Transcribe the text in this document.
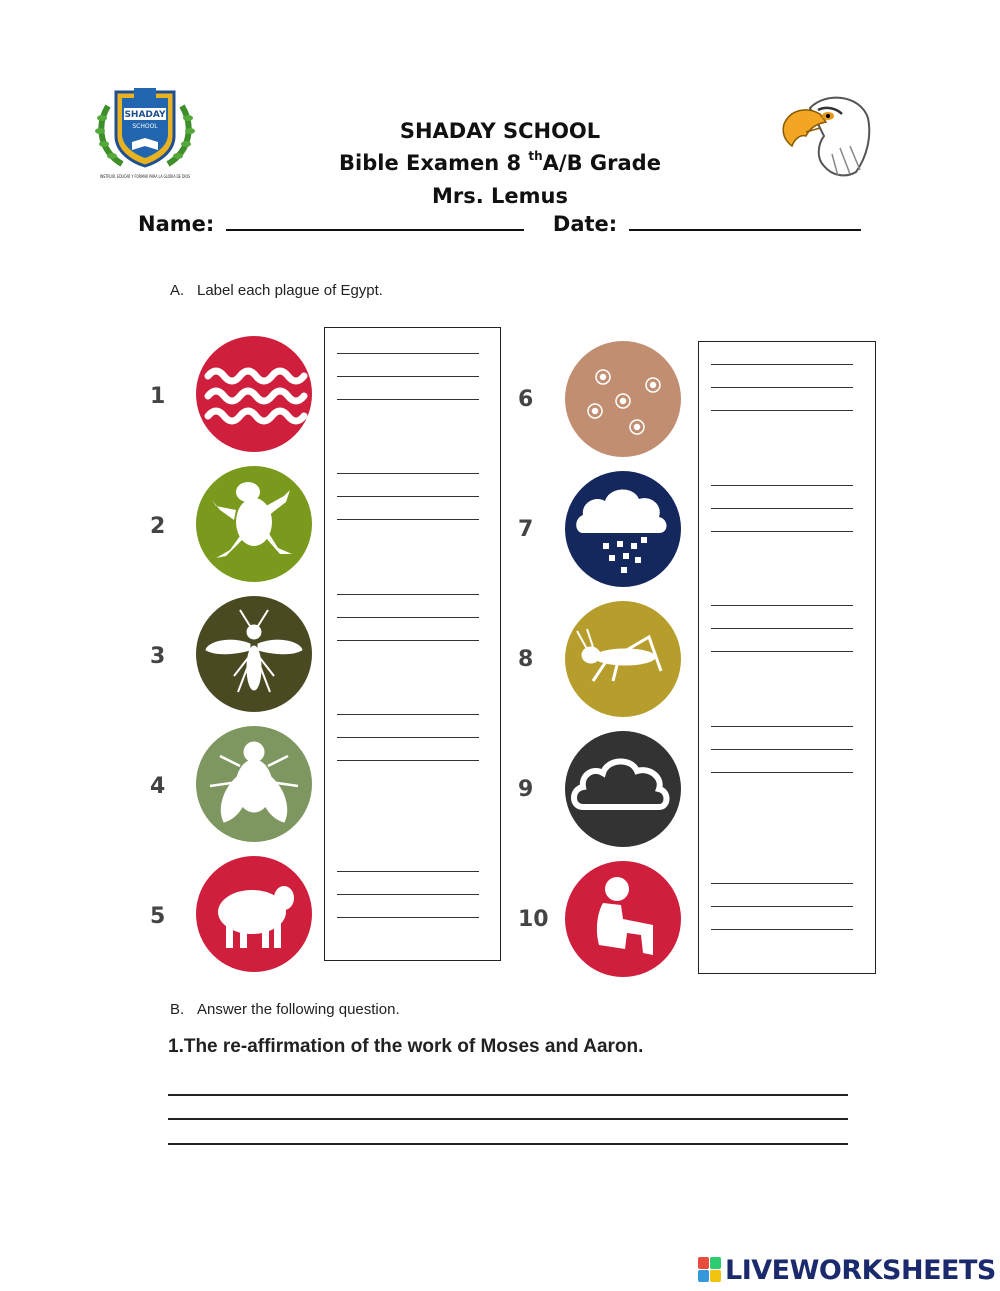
SHADAY
SCHOOL
INSTRUIR, EDUCAR Y FORMAR PARA LA GLORIA DE DIOS
SHADAY SCHOOL
Bible Examen 8 $^{th}$A/B Grade
Mrs. Lemus
Name:	Date:
A. Label each plague of Egypt.
1
2
3
4
5
6
7
8
9
10
B. Answer the following question.
1.The re-affirmation of the work of Moses and Aaron.
LIVEWORKSHEETS
